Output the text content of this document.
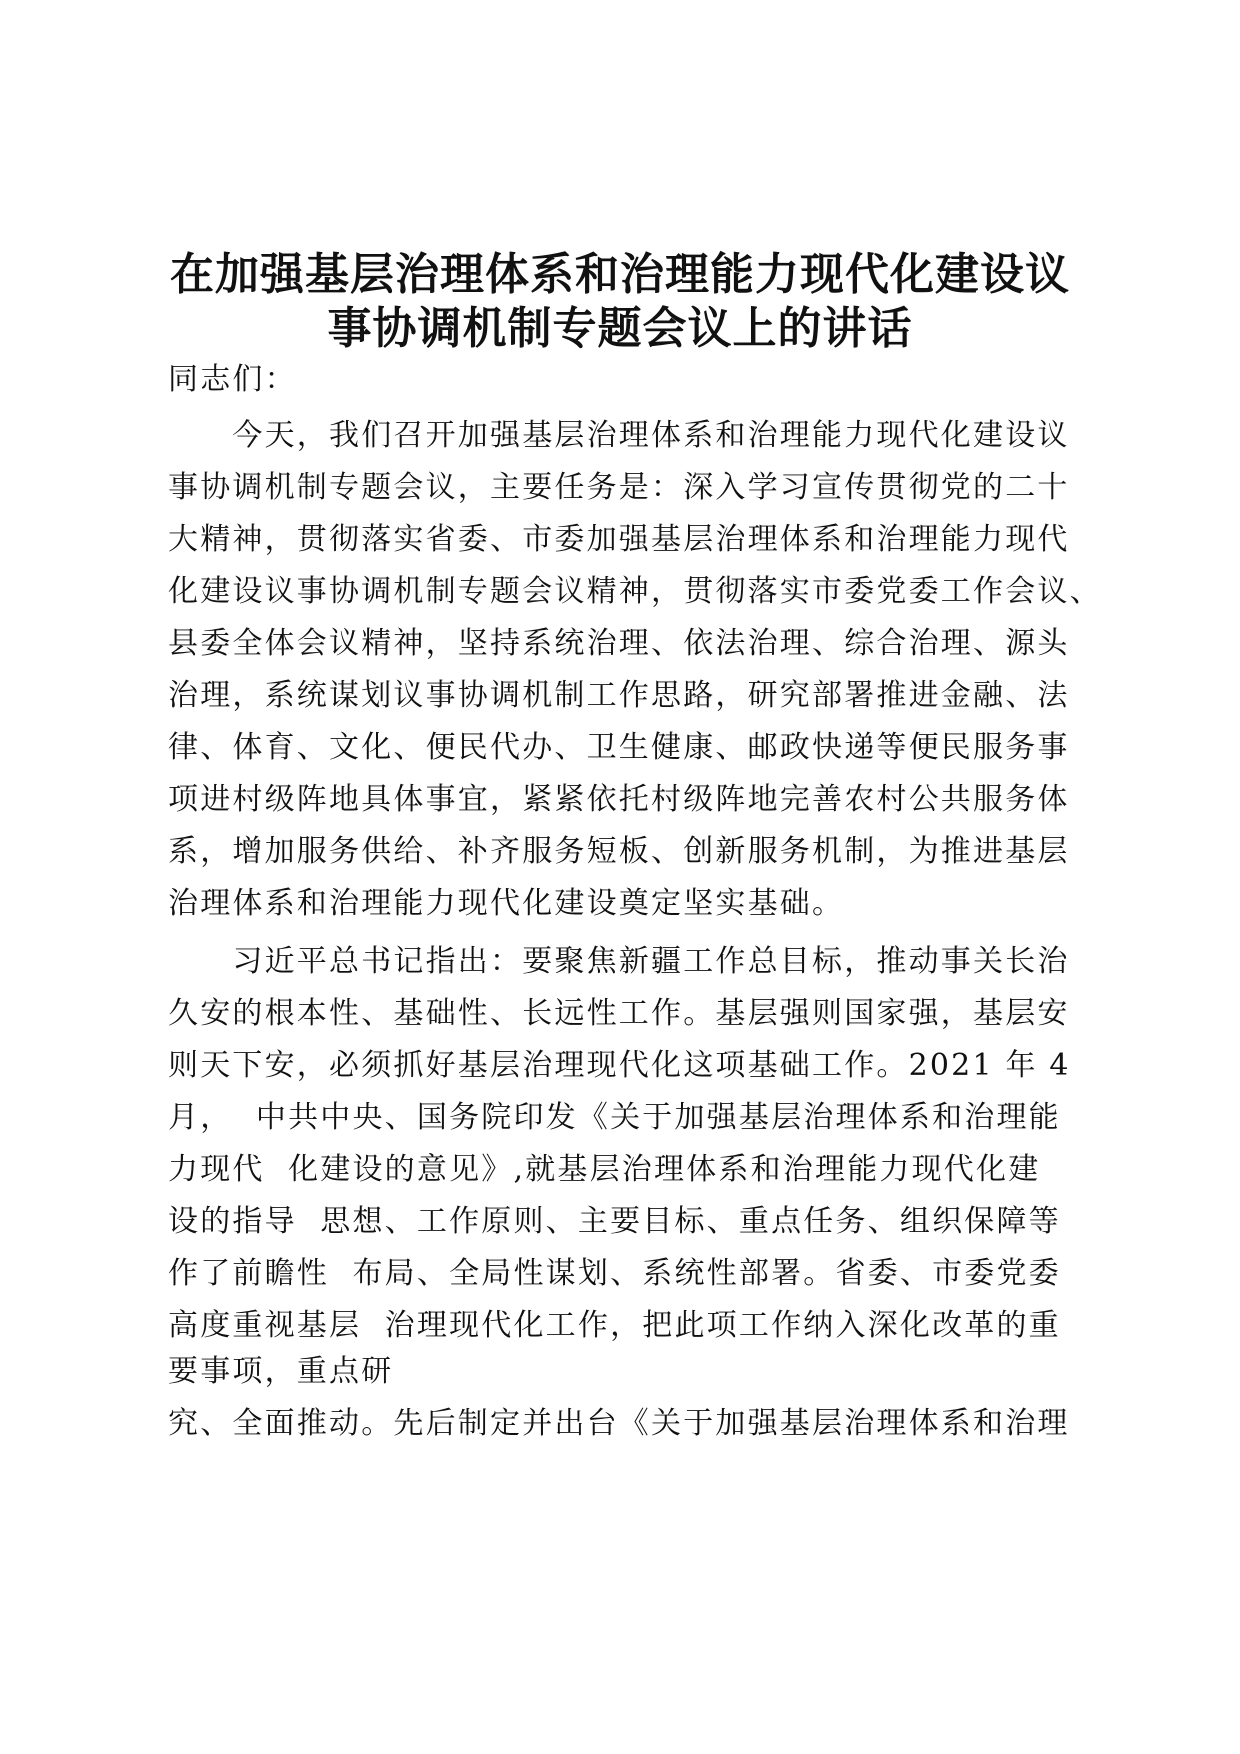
在加强基层治理体系和治理能力现代化建设议
事协调机制专题会议上的讲话
同志们：
　　今天，我们召开加强基层治理体系和治理能力现代化建设议
事协调机制专题会议，主要任务是：深入学习宣传贯彻党的二十
大精神，贯彻落实省委、市委加强基层治理体系和治理能力现代
化建设议事协调机制专题会议精神，贯彻落实市委党委工作会议、
县委全体会议精神，坚持系统治理、依法治理、综合治理、源头
治理，系统谋划议事协调机制工作思路，研究部署推进金融、法
律、体育、文化、便民代办、卫生健康、邮政快递等便民服务事
项进村级阵地具体事宜，紧紧依托村级阵地完善农村公共服务体
系，增加服务供给、补齐服务短板、创新服务机制，为推进基层
治理体系和治理能力现代化建设奠定坚实基础。
　　习近平总书记指出：要聚焦新疆工作总目标，推动事关长治
久安的根本性、基础性、长远性工作。基层强则国家强，基层安
则天下安，必须抓好基层治理现代化这项基础工作。2021 年 4
月，  中共中央、国务院印发《关于加强基层治理体系和治理能
力现代  化建设的意见》,就基层治理体系和治理能力现代化建
设的指导  思想、工作原则、主要目标、重点任务、组织保障等
作了前瞻性  布局、全局性谋划、系统性部署。省委、市委党委
高度重视基层  治理现代化工作，把此项工作纳入深化改革的重
要事项，重点研
究、全面推动。先后制定并出台《关于加强基层治理体系和治理
